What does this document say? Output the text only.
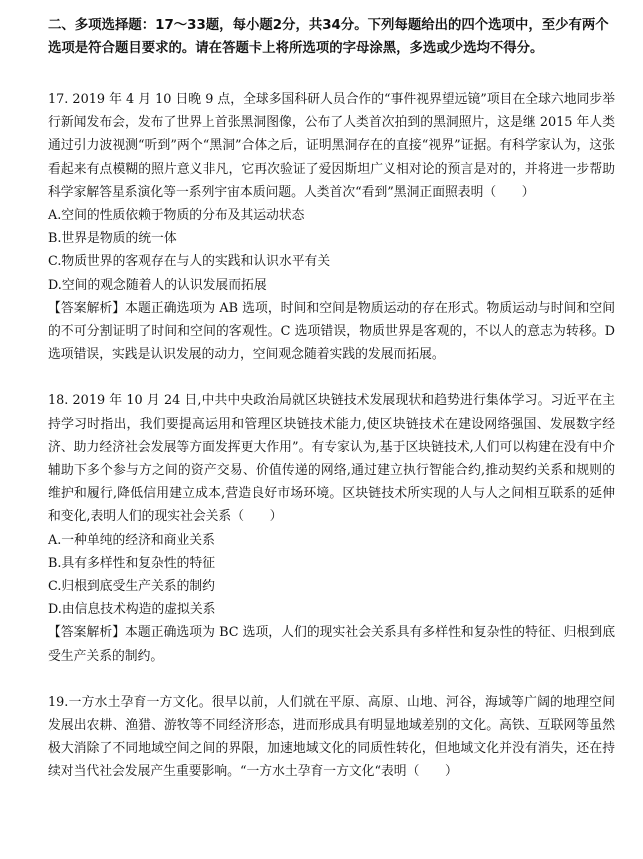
二、多项选择题：17～33题，每小题2分，共34分。下列每题给出的四个选项中，至少有两个选项是符合题目要求的。请在答题卡上将所选项的字母涂黑，多选或少选均不得分。

17. 2019 年 4 月 10 日晚 9 点，全球多国科研人员合作的“事件视界望远镜”项目在全球六地同步举行新闻发布会，发布了世界上首张黑洞图像，公布了人类首次拍到的黑洞照片，这是继 2015 年人类通过引力波视测“听到”两个“黑洞”合体之后，证明黑洞存在的直接“视界”证据。有科学家认为，这张看起来有点模糊的照片意义非凡，它再次验证了爱因斯坦广义相对论的预言是对的，并将进一步帮助科学家解答星系演化等一系列宇宙本质问题。人类首次“看到”黑洞正面照表明（　　）

A.空间的性质依赖于物质的分布及其运动状态

B.世界是物质的统一体

C.物质世界的客观存在与人的实践和认识水平有关

D.空间的观念随着人的认识发展而拓展

【答案解析】本题正确选项为 AB 选项，时间和空间是物质运动的存在形式。物质运动与时间和空间的不可分割证明了时间和空间的客观性。C 选项错误，物质世界是客观的，不以人的意志为转移。D 选项错误，实践是认识发展的动力，空间观念随着实践的发展而拓展。

18. 2019 年 10 月 24 日,中共中央政治局就区块链技术发展现状和趋势进行集体学习。习近平在主持学习时指出，我们要提高运用和管理区块链技术能力,使区块链技术在建设网络强国、发展数字经济、助力经济社会发展等方面发挥更大作用”。有专家认为,基于区块链技术,人们可以构建在没有中介辅助下多个参与方之间的资产交易、价值传递的网络,通过建立执行智能合约,推动契约关系和规则的维护和履行,降低信用建立成本,营造良好市场环境。区块链技术所实现的人与人之间相互联系的延伸和变化,表明人们的现实社会关系（　　）

A.一种单纯的经济和商业关系

B.具有多样性和复杂性的特征

C.归根到底受生产关系的制约

D.由信息技术构造的虚拟关系

【答案解析】本题正确选项为 BC 选项，人们的现实社会关系具有多样性和复杂性的特征、归根到底受生产关系的制约。

19.一方水土孕育一方文化。很早以前，人们就在平原、高原、山地、河谷，海域等广阔的地理空间发展出农耕、渔猎、游牧等不同经济形态，进而形成具有明显地域差别的文化。高铁、互联网等虽然极大消除了不同地域空间之间的界限，加速地域文化的同质性转化，但地域文化并没有消失，还在持续对当代社会发展产生重要影响。“一方水土孕育一方文化“表明（　　）
